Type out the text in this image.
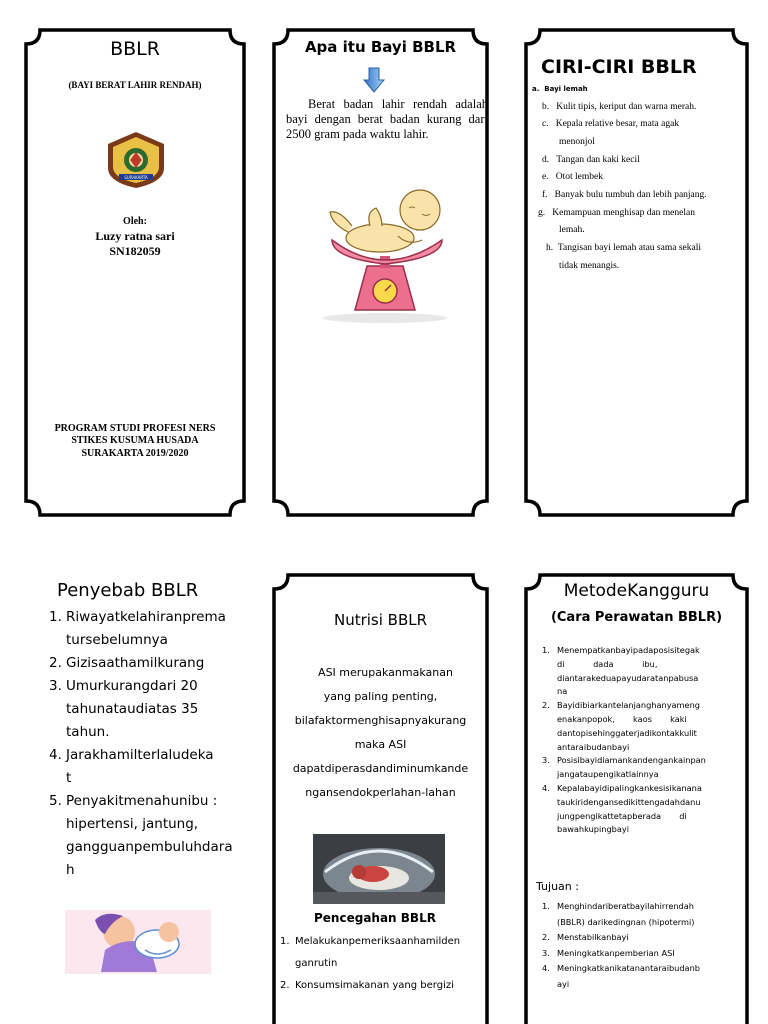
BBLR
(BAYI BERAT LAHIR RENDAH)
SURAKARTA
Oleh:
Luzy ratna sari
SN182059
PROGRAM STUDI PROFESI NERS
STIKES KUSUMA HUSADA
SURAKARTA 2019/2020
Apa itu Bayi BBLR
Berat badan lahir rendah adalah bayi dengan berat badan kurang dari 2500 gram pada waktu lahir.
CIRI-CIRI BBLR
a. Bayi lemah
b. Kulit tipis, keriput dan warna merah.
c. Kepala relative besar, mata agak
menonjol
d. Tangan dan kaki kecil
e. Otot lembek
f. Banyak bulu tumbuh dan lebih panjang.
g. Kemampuan menghisap dan menelan
lemah.
h. Tangisan bayi lemah atau sama sekali
tidak menangis.
Penyebab BBLR
1. Riwayatkelahiranprema
tursebelumnya
2. Gizisaathamilkurang
3. Umurkurangdari 20
tahunataudiatas 35
tahun.
4. Jarakhamilterlaludeka
t
5. Penyakitmenahunibu :
hipertensi, jantung,
gangguanpembuluhdara
h
Nutrisi BBLR
ASI merupakanmakanan
yang paling penting,
bilafaktormenghisapnyakurang
maka ASI
dapatdiperasdandiminumkande
ngansendokperlahan-lahan
Pencegahan BBLR
1. Melakukanpemeriksaanhamilden
ganrutin
2. Konsumsimakanan yang bergizi
MetodeKangguru
(Cara Perawatan BBLR)
1. Menempatkanbayipadaposisitegak
di           dada           ibu,
diantarakeduapayudaratanpabusa
na
2. Bayidibiarkantelanjanghanyameng
enakanpopok,       kaos       kaki
dantopisehinggaterjadikontakkulit
antaraibudanbayi
3. Posisibayidiamankandengankainpan
jangataupengikatlainnya
4. Kepalabayidipalingkankesisikanana
taukiridengansedikittengadahdanu
jungpengikattetapberada       di
bawahkupingbayi
Tujuan :
1. Menghindariberatbayilahirrendah
(BBLR) darikedingnan (hipotermi)
2. Menstabilkanbayi
3. Meningkatkanpemberian ASI
4. Meningkatkanikatanantaraibudanb
ayi
